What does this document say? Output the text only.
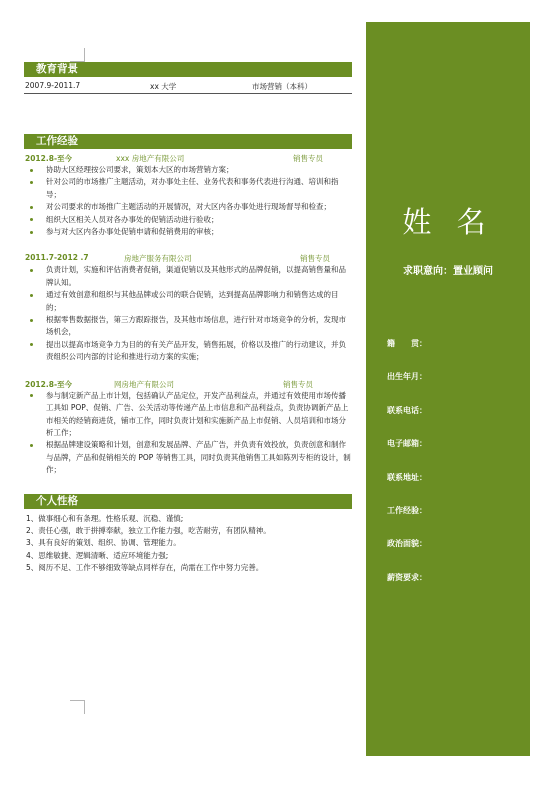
教育背景
2007.9-2011.7	xx 大学	市场营销（本科）
工作经验
2012.8-至今	xxx 房地产有限公司	销售专员
协助大区经理按公司要求，策划本大区的市场营销方案；
针对公司的市场推广主题活动，对办事处主任、业务代表和事务代表进行沟通、培训和指导；
对公司要求的市场推广主题活动的开展情况，对大区内各办事处进行现场督导和检查；
组织大区相关人员对各办事处的促销活动进行验收；
参与对大区内各办事处促销申请和促销费用的审核；
2011.7-2012 .7	房地产服务有限公司	销售专员
负责计划，实施和评估消费者促销，渠道促销以及其他形式的品牌促销，以提高销售量和品牌认知。
通过有效创意和组织与其他品牌或公司的联合促销，达到提高品牌影响力和销售达成的目的；
根据零售数据报告，第三方跟踪报告，及其他市场信息，进行针对市场竞争的分析，发现市场机会，
提出以提高市场竞争力为目的的有关产品开发，销售拓展，价格以及推广的行动建议，并负责组织公司内部的讨论和推进行动方案的实施；
2012.8-至今	网房地产有限公司	销售专员
参与制定新产品上市计划，包括确认产品定位，开发产品利益点，并通过有效使用市场传播工具如 POP、促销、广告、公关活动等传递产品上市信息和产品利益点，负责协调新产品上市相关的经销商进货，铺市工作，同时负责计划和实施新产品上市促销、人员培训和市场分析工作；
根据品牌建设策略和计划，创意和发展品牌、产品广告，并负责有效投放，负责创意和制作与品牌，产品和促销相关的 POP 等销售工具，同时负责其他销售工具如陈列专柜的设计，制作；
个人性格
1、做事细心和有条理。性格乐观、沉稳、谨慎;
2、责任心强，敢于拼搏奉献，独立工作能力强，吃苦耐劳，有团队精神。
3、具有良好的策划、组织、协调、管理能力。
4、思维敏捷、逻辑清晰、适应环境能力强;
5、阅历不足、工作不够细致等缺点同样存在，尚需在工作中努力完善。
姓 名
求职意向：置业顾问
籍　　贯：
出生年月：
联系电话：
电子邮箱：
联系地址：
工作经验：
政治面貌：
薪资要求：
